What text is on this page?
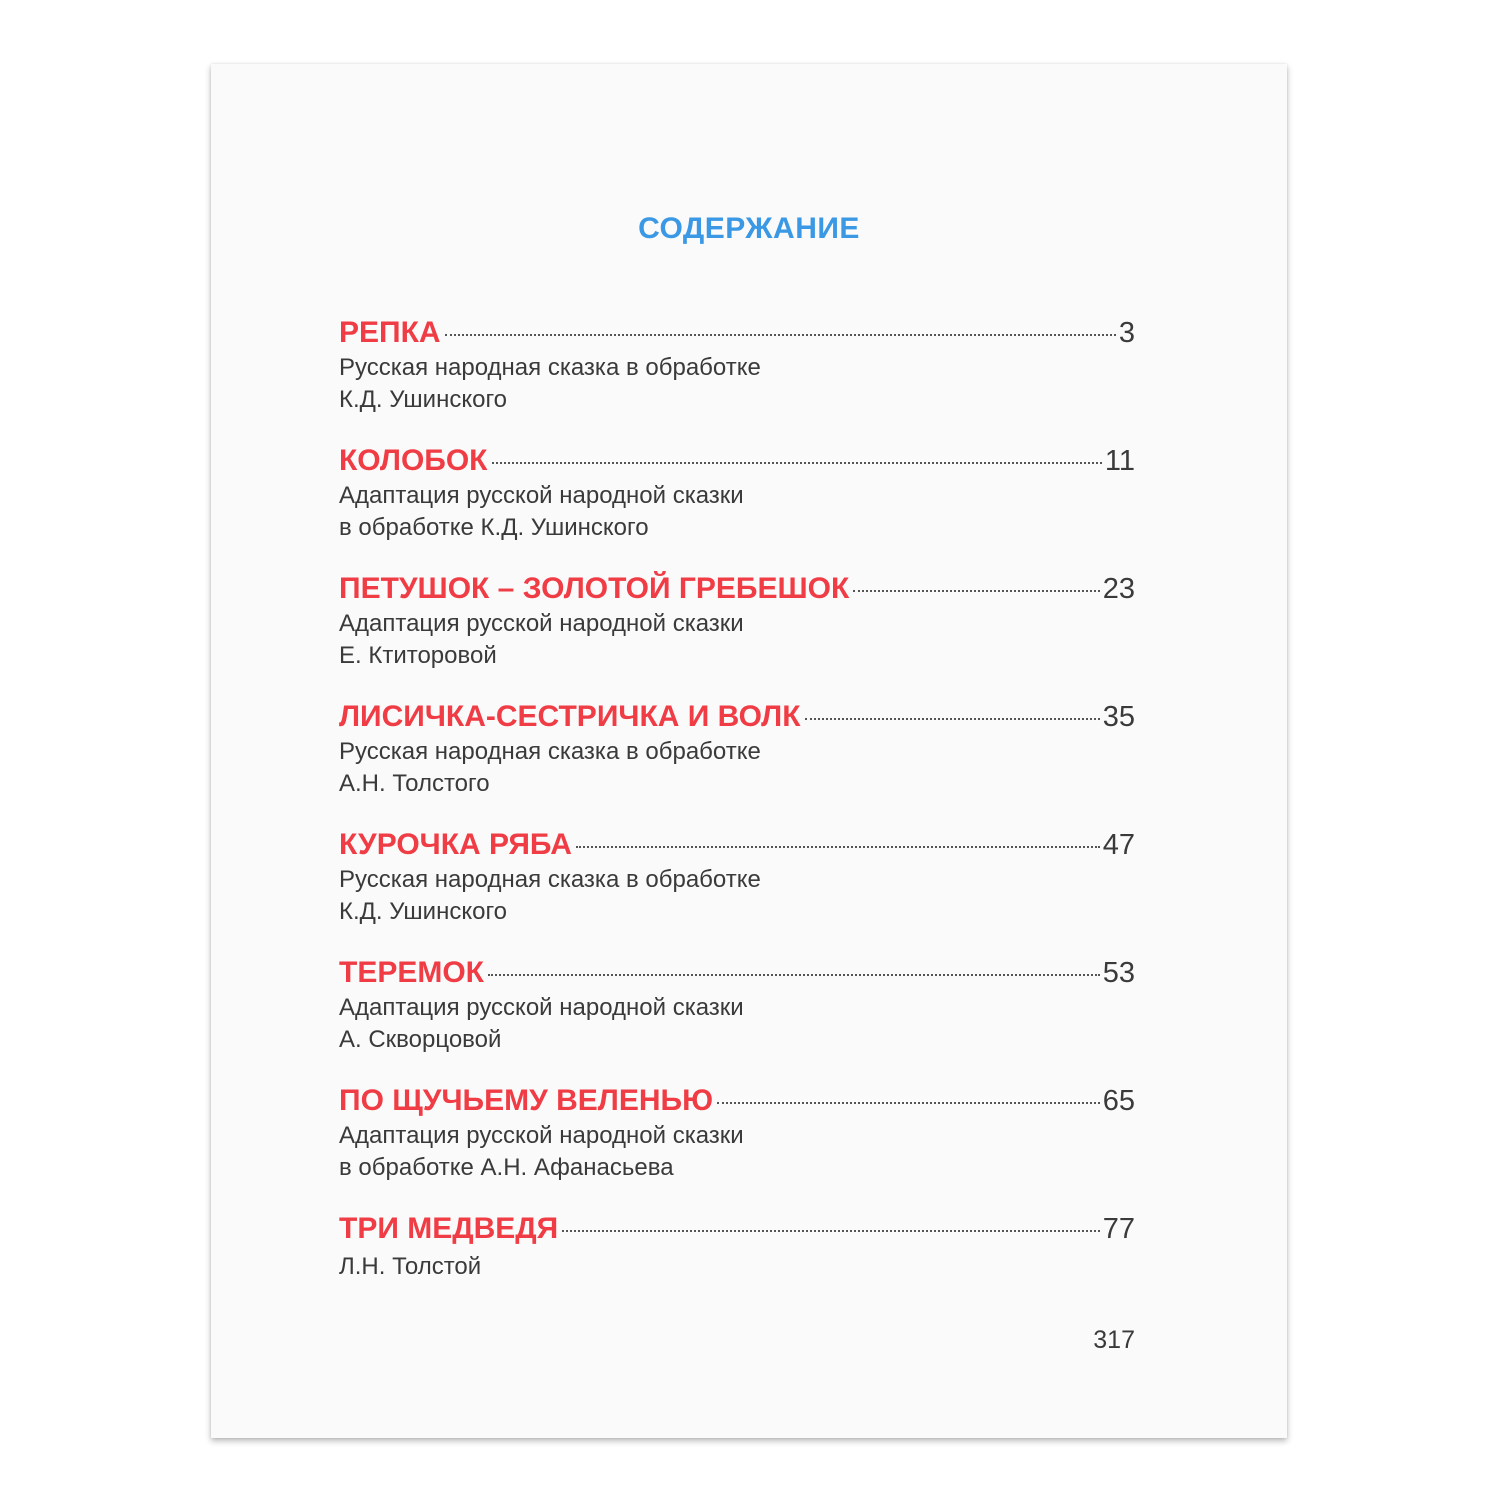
СОДЕРЖАНИЕ
РЕПКА	3
Русская народная сказка в обработке
К.Д. Ушинского
КОЛОБОК	11
Адаптация русской народной сказки
в обработке К.Д. Ушинского
ПЕТУШОК – ЗОЛОТОЙ ГРЕБЕШОК	23
Адаптация русской народной сказки
Е. Ктиторовой
ЛИСИЧКА-СЕСТРИЧКА И ВОЛК	35
Русская народная сказка в обработке
А.Н. Толстого
КУРОЧКА РЯБА	47
Русская народная сказка в обработке
К.Д. Ушинского
ТЕРЕМОК	53
Адаптация русской народной сказки
А. Скворцовой
ПО ЩУЧЬЕМУ ВЕЛЕНЬЮ	65
Адаптация русской народной сказки
в обработке А.Н. Афанасьева
ТРИ МЕДВЕДЯ	77
Л.Н. Толстой
317
